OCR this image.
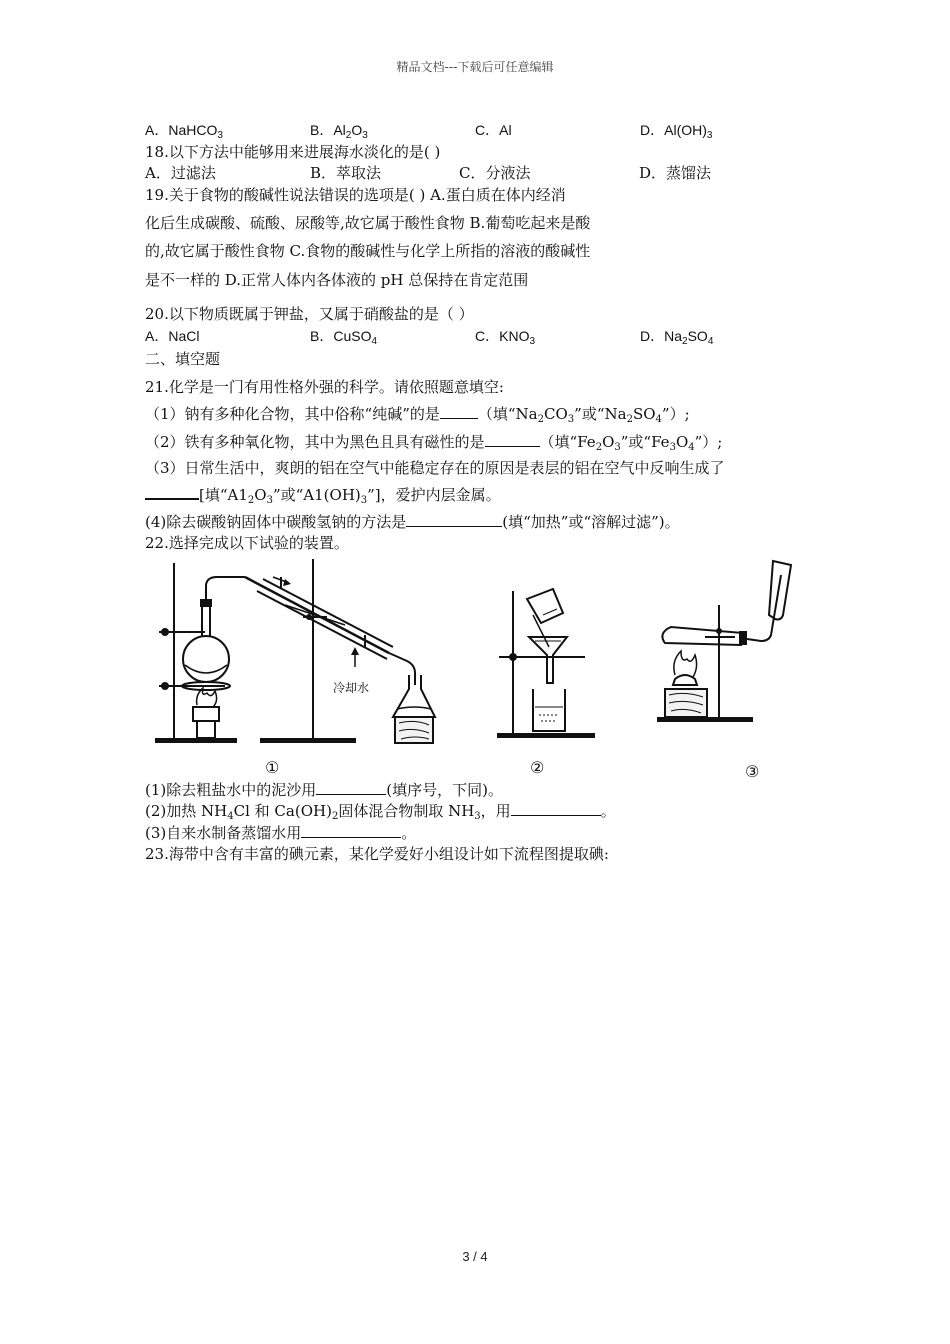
精品文档---下载后可任意编辑
A．NaHCO$_3$	B．$Al_2O_3$	C．Al	D．$Al(OH)_3$
18.以下方法中能够用来进展海水淡化的是( )
A．过滤法	B．萃取法	C．分液法	D．蒸馏法
19.关于食物的酸碱性说法错误的选项是( ) A.蛋白质在体内经消
化后生成碳酸、硫酸、尿酸等,故它属于酸性食物 B.葡萄吃起来是酸
的,故它属于酸性食物 C.食物的酸碱性与化学上所指的溶液的酸碱性
是不一样的 D.正常人体内各体液的 pH 总保持在肯定范围
20.以下物质既属于钾盐，又属于硝酸盐的是（ ）
A．NaCl	B．CuSO$_4$	C．$KNO_3$	D．$Na_2SO_4$
二、填空题
21.化学是一门有用性格外强的科学。请依照题意填空:
（1）钠有多种化合物，其中俗称“纯碱”的是	（填“$Na_2CO_3$”或“$Na_2SO_4$”）;
（2）铁有多种氧化物，其中为黑色且具有磁性的是	（填“$Fe_2O_3$”或“$Fe_3O_4$”）;
（3）日常生活中，爽朗的铝在空气中能稳定存在的原因是表层的铝在空气中反响生成了
[填“$A1_2O_3$”或“$A1(OH)_3$”]，爱护内层金属。
(4)除去碳酸钠固体中碳酸氢钠的方法是	(填“加热”或“溶解过滤”)。
22.选择完成以下试验的装置。
冷却水
①	②	③
(1)除去粗盐水中的泥沙用	(填序号，下同)。
(2)加热 $NH_4Cl$ 和 $Ca(OH)_2$固体混合物制取 $NH_3$，用	。
(3)自来水制备蒸馏水用	。
23.海带中含有丰富的碘元素，某化学爱好小组设计如下流程图提取碘:
3 / 4
